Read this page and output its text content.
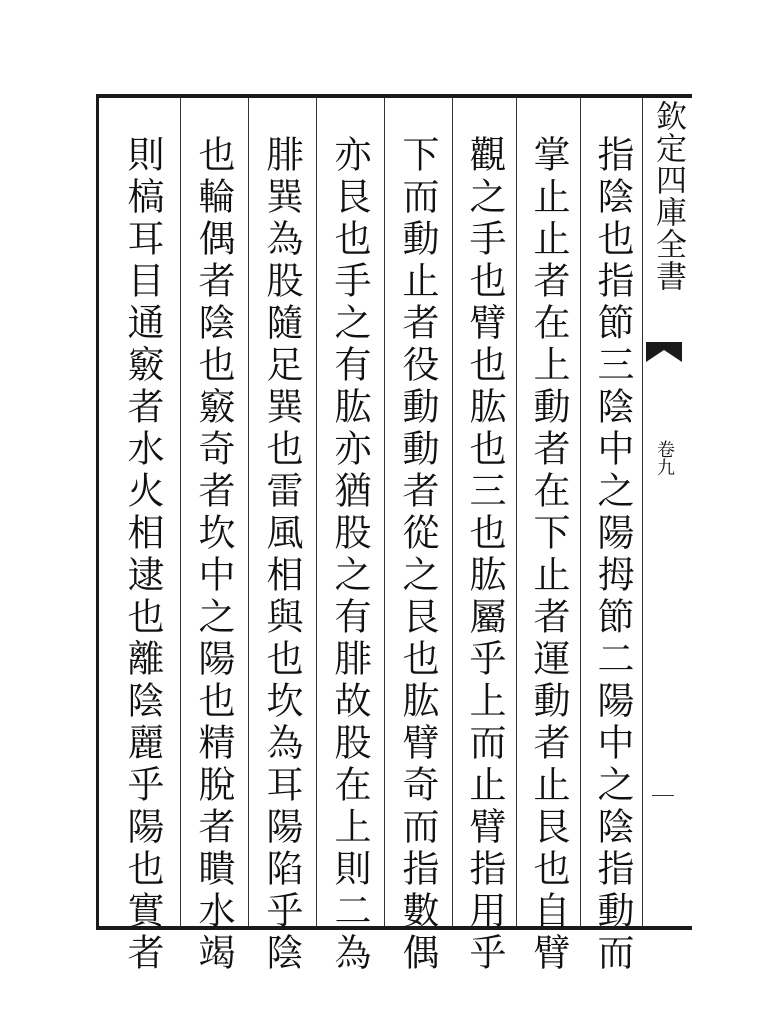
欽定四庫全書
卷九
指陰也指節三陰中之陽拇節二陽中之陰指動而
掌止止者在上動者在下止者運動者止艮也自臂
觀之手也臂也肱也三也肱屬乎上而止臂指用乎
下而動止者役動動者從之艮也肱臂奇而指數偶
亦艮也手之有肱亦猶股之有腓故股在上則二為
腓巽為股隨足巽也雷風相與也坎為耳陽陷乎陰
也輪偶者陰也竅奇者坎中之陽也精脫者瞶水竭
則槁耳目通竅者水火相逮也離陰麗乎陽也實者
